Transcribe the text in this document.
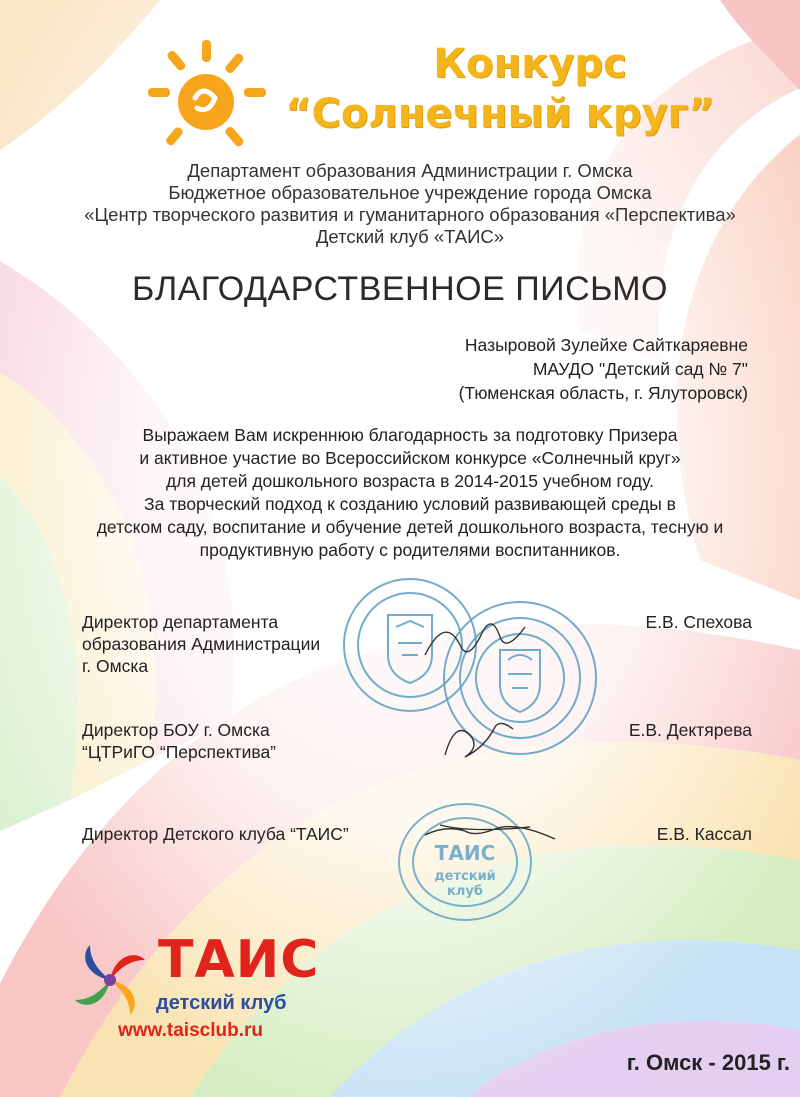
Конкурс
“Солнечный круг”
Департамент образования Администрации г. Омска
Бюджетное образовательное учреждение города Омска
«Центр творческого развития и гуманитарного образования «Перспектива»
Детский клуб «ТАИС»
БЛАГОДАРСТВЕННОЕ ПИСЬМО
Назыровой Зулейхе Сайткаряевне
МАУДО "Детский сад № 7"
(Тюменская область, г. Ялуторовск)
Выражаем Вам искреннюю благодарность за подготовку Призера
и активное участие во Всероссийском конкурсе «Солнечный круг»
для детей дошкольного возраста в 2014-2015 учебном году.
За творческий подход к созданию условий развивающей среды в
детском саду, воспитание и обучение детей дошкольного возраста, тесную и
продуктивную работу с родителями воспитанников.
Директор департамента
образования Администрации
г. Омска
Е.В. Спехова
Директор БОУ г. Омска
“ЦТРиГО “Перспектива”
Е.В. Дектярева
Директор Детского клуба “ТАИС”	Е.В. Кассал
ТАИС
детский
клуб
ТАИС
детский клуб
www.taisclub.ru
г. Омск - 2015 г.
